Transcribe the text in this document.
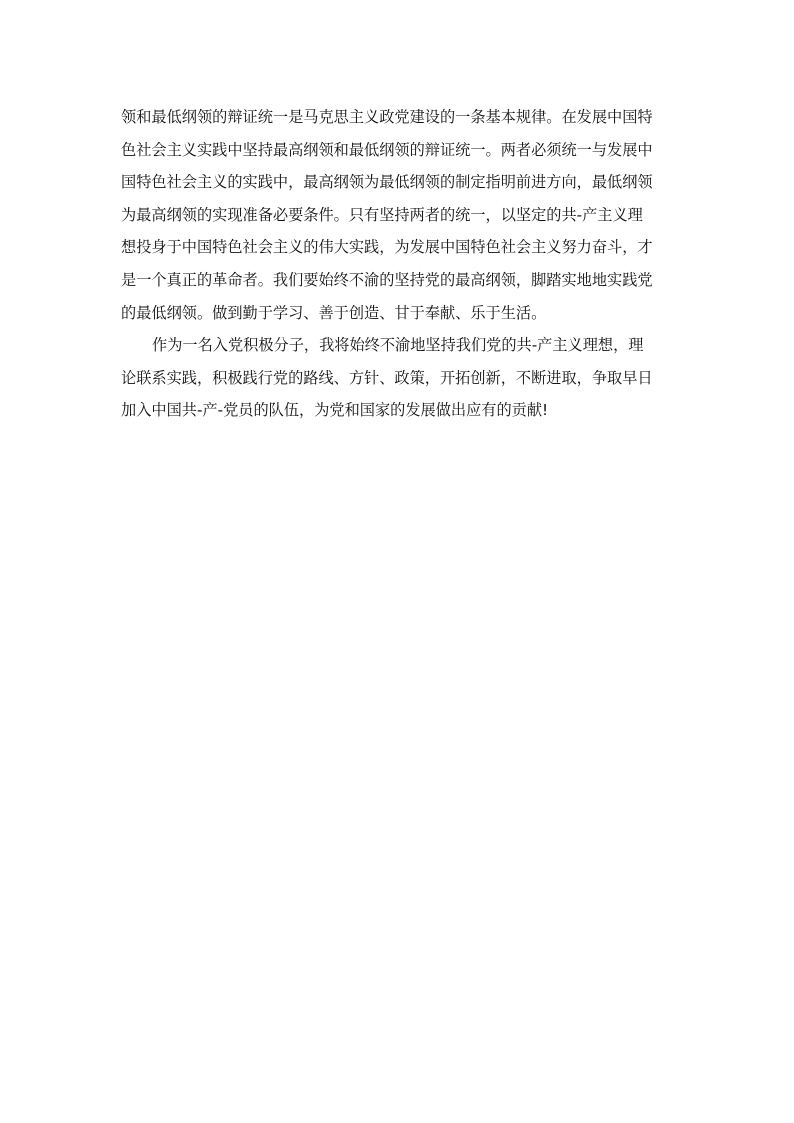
领和最低纲领的辩证统一是马克思主义政党建设的一条基本规律。在发展中国特
色社会主义实践中坚持最高纲领和最低纲领的辩证统一。两者必须统一与发展中
国特色社会主义的实践中，最高纲领为最低纲领的制定指明前进方向，最低纲领
为最高纲领的实现准备必要条件。只有坚持两者的统一，以坚定的共-产主义理
想投身于中国特色社会主义的伟大实践，为发展中国特色社会主义努力奋斗，才
是一个真正的革命者。我们要始终不渝的坚持党的最高纲领，脚踏实地地实践党
的最低纲领。做到勤于学习、善于创造、甘于奉献、乐于生活。
作为一名入党积极分子，我将始终不渝地坚持我们党的共-产主义理想，理
论联系实践，积极践行党的路线、方针、政策，开拓创新，不断进取，争取早日
加入中国共-产-党员的队伍，为党和国家的发展做出应有的贡献!
